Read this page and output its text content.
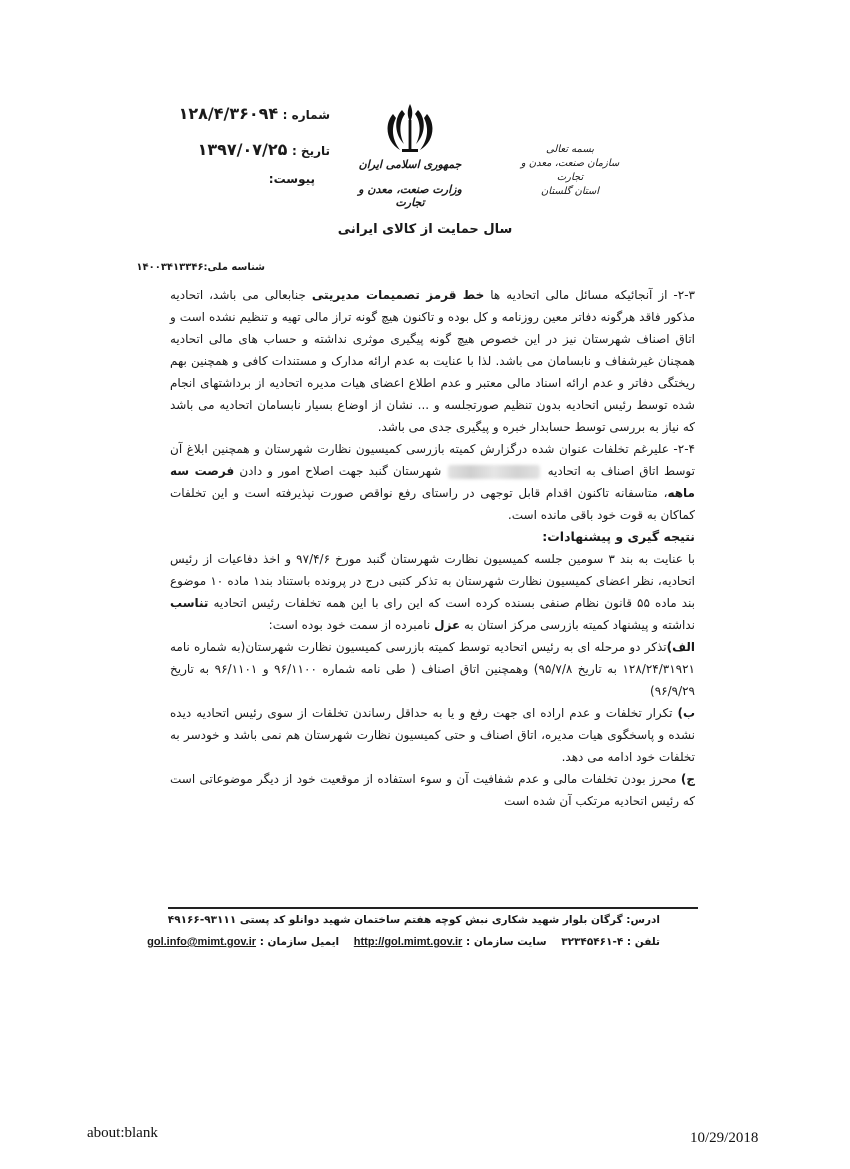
شماره : ۱۲۸/۴/۳۶۰۹۴
تاریخ : ۱۳۹۷/۰۷/۲۵
پیوست:
جمهوری اسلامی ایران
وزارت صنعت، معدن و تجارت
بسمه تعالی
سازمان صنعت، معدن و تجارت
استان گلستان
سال حمایت از کالای ایرانی
شناسه ملی:۱۴۰۰۳۴۱۳۳۴۶

۲-۳- از آنجائیکه مسائل مالی اتحادیه ها خط قرمز تصمیمات مدیریتی جنابعالی می باشد، اتحادیه مذکور فاقد هرگونه دفاتر معین روزنامه و کل بوده و تاکنون هیچ گونه تراز مالی تهیه و تنظیم نشده است و اتاق اصناف شهرستان نیز در این خصوص هیچ گونه پیگیری موثری نداشته و حساب های مالی اتحادیه همچنان غیرشفاف و نابسامان می باشد. لذا با عنایت به عدم ارائه مدارک و مستندات کافی و همچنین بهم ریختگی دفاتر و عدم ارائه اسناد مالی معتبر و عدم اطلاع اعضای هیات مدیره اتحادیه از برداشتهای انجام شده توسط رئیس اتحادیه بدون تنظیم صورتجلسه و ... نشان از اوضاع بسیار نابسامان اتحادیه می باشد که نیاز به بررسی توسط حسابدار خبره و پیگیری جدی می باشد.

۲-۴- علیرغم تخلفات عنوان شده درگزارش کمیته بازرسی کمیسیون نظارت شهرستان و همچنین ابلاغ آن توسط اتاق اصناف به اتحادیه  شهرستان گنبد جهت اصلاح امور و دادن فرصت سه ماهه، متاسفانه تاکنون اقدام قابل توجهی در راستای رفع نواقص صورت نپذیرفته است و این تخلفات کماکان به قوت خود باقی مانده است.

نتیجه گیری و پیشنهادات:

با عنایت به بند ۳ سومین جلسه کمیسیون نظارت شهرستان گنبد مورخ ۹۷/۴/۶ و اخذ دفاعیات از رئیس اتحادیه، نظر اعضای کمیسیون نظارت شهرستان به تذکر کتبی درج در پرونده باستناد بند۱ ماده ۱۰ موضوع بند ماده ۵۵ قانون نظام صنفی بسنده کرده است که این رای با این همه تخلفات رئیس اتحادیه تناسب نداشته و پیشنهاد کمیته بازرسی مرکز استان به عزل نامبرده از سمت خود بوده است:

الف)تذکر دو مرحله ای به رئیس اتحادیه توسط کمیته بازرسی کمیسیون نظارت شهرستان(به شماره نامه ۱۲۸/۲۴/۳۱۹۲۱ به تاریخ ۹۵/۷/۸) وهمچنین اتاق اصناف ( طی نامه شماره ۹۶/۱۱۰۰ و ۹۶/۱۱۰۱ به تاریخ ۹۶/۹/۲۹)

ب) تکرار تخلفات و عدم اراده ای جهت رفع و یا به حداقل رساندن تخلفات از سوی رئیس اتحادیه دیده نشده و پاسخگوی هیات مدیره، اتاق اصناف و حتی کمیسیون نظارت شهرستان هم نمی باشد و خودسر به تخلفات خود ادامه می دهد.

ج) محرز بودن تخلفات مالی و عدم شفافیت آن و سوء استفاده از موقعیت خود از دیگر موضوعاتی است که رئیس اتحادیه مرتکب آن شده است

ادرس: گرگان بلوار شهید شکاری نبش کوچه هفتم ساختمان شهید دوانلو کد پستی ۹۳۱۱۱-۴۹۱۶۶
تلفن : ۴-۳۲۳۴۵۴۶۱    سایت سازمان : http://gol.mimt.gov.ir    ایمیل سازمان : gol.info@mimt.gov.ir
about:blank	10/29/2018
